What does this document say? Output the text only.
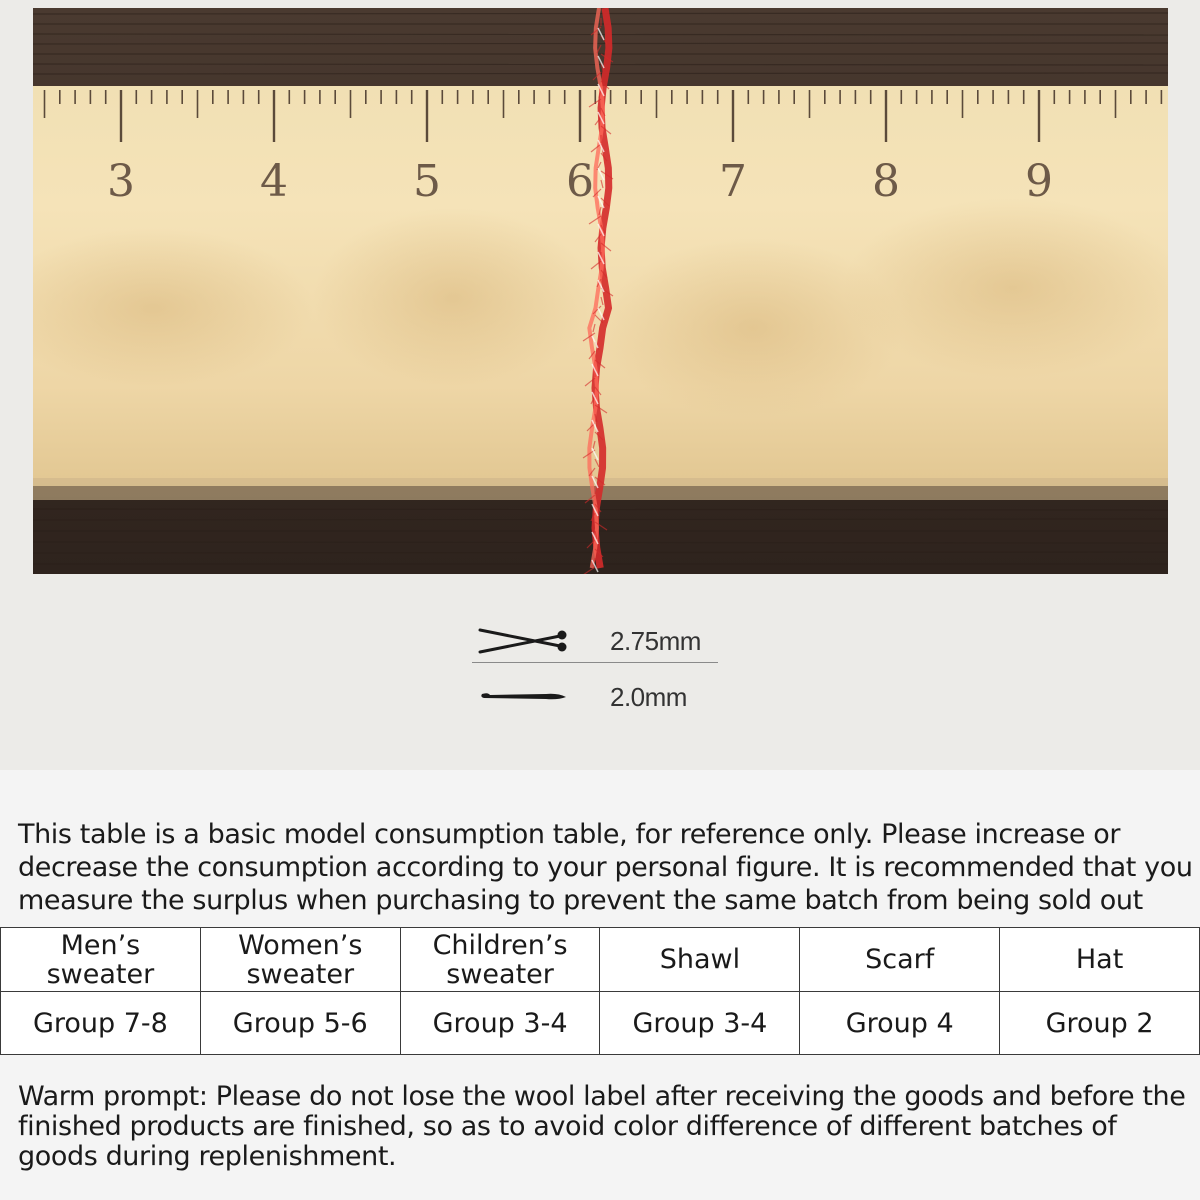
3	4	5	6	7	8	9
2.75mm
2.0mm
This table is a basic model consumption table, for reference only. Please increase or decrease the consumption according to your personal figure. It is recommended that you measure the surplus when purchasing to prevent the same batch from being sold out
Men’s sweater	Women’s sweater	Children’s sweater	Shawl	Scarf	Hat
Group 7-8	Group 5-6	Group 3-4	Group 3-4	Group 4	Group 2
Warm prompt: Please do not lose the wool label after receiving the goods and before the finished products are finished, so as to avoid color difference of different batches of goods during replenishment.
